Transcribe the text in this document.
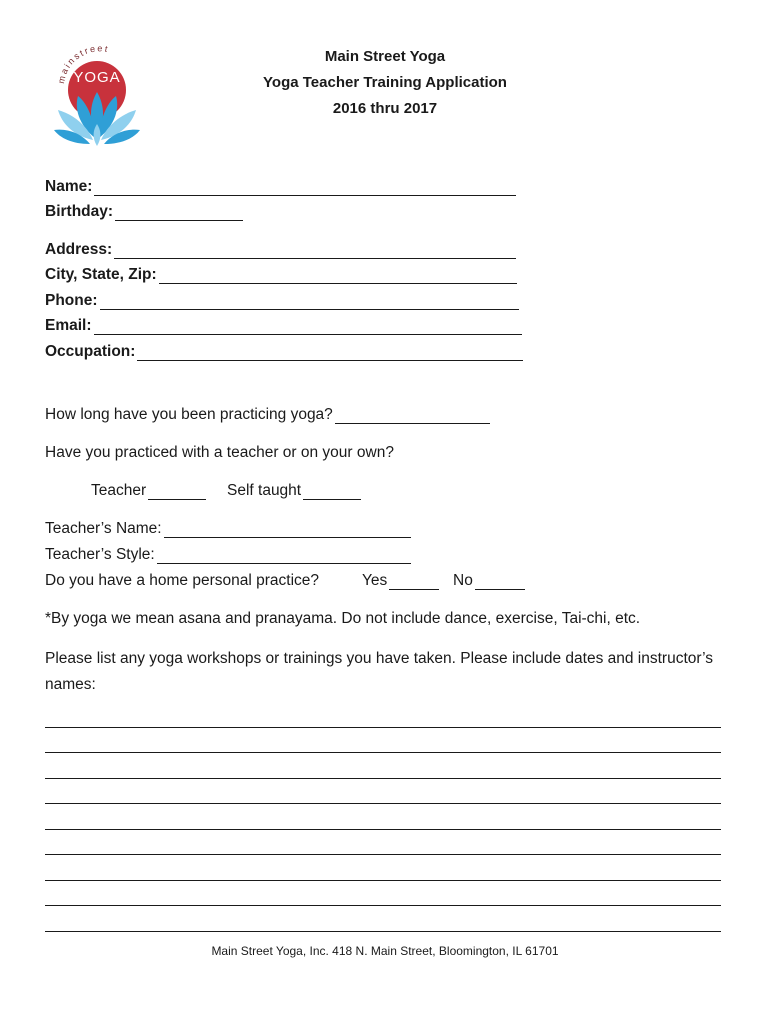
mainstreet
YOGA
Main Street Yoga
Yoga Teacher Training Application
2016 thru 2017
Name:
Birthday:
Address:
City, State, Zip:
Phone:
Email:
Occupation:
How long have you been practicing yoga?
Have you practiced with a teacher or on your own?
Teacher	Self taught
Teacher’s Name:
Teacher’s Style:
Do you have a home personal practice?	Yes	No
*By yoga we mean asana and pranayama. Do not include dance, exercise, Tai-chi, etc.
Please list any yoga workshops or trainings you have taken. Please include dates and instructor’s names:
Main Street Yoga, Inc. 418 N. Main Street, Bloomington, IL 61701
